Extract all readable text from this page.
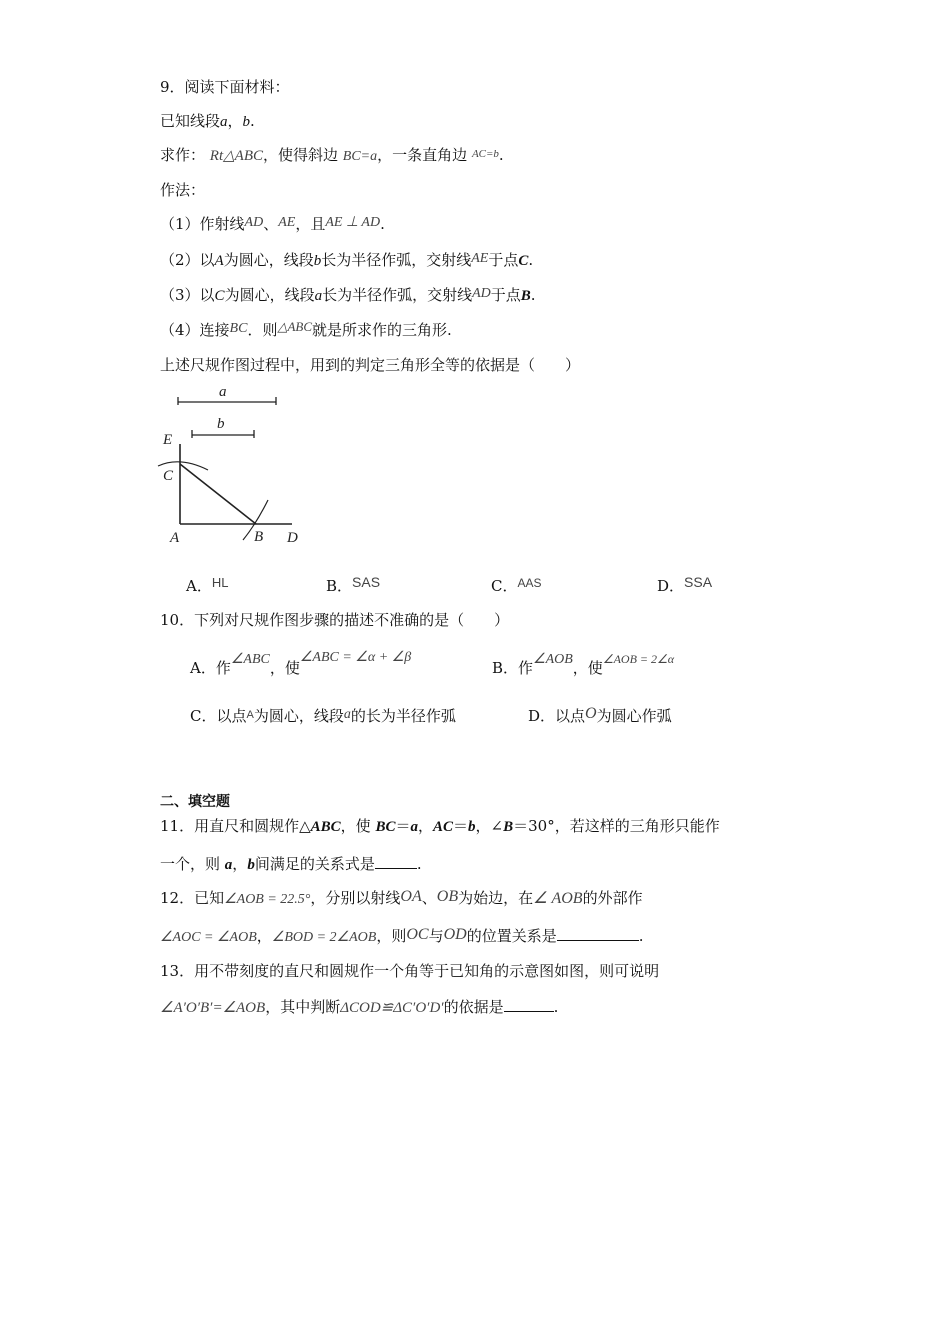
9．阅读下面材料：
已知线段a，b.
求作： Rt△ABC，使得斜边 BC=a，一条直角边 $^{AC=b}$.
作法：
（1）作射线AD、AE，且AE ⊥ AD.
（2）以A为圆心，线段b长为半径作弧，交射线AE于点C.
（3）以C为圆心，线段a长为半径作弧，交射线AD于点B.
（4）连接BC．则△ABC就是所求作的三角形.
上述尺规作图过程中，用到的判定三角形全等的依据是（　　）
a
b
E
C
A	B D
A．HL	B．SAS	C．$^{AAS}$	D．SSA
10．下列对尺规作图步骤的描述不准确的是（　　）
A．作∠ABC，使∠ABC = ∠α + ∠β
B．作∠AOB，使$^{\angle AOB = 2\angle\alpha}$
C．以点$^A$为圆心，线段a的长为半径作弧	D．以点O为圆心作弧
二、填空题
11．用直尺和圆规作△ABC，使 BC＝a，AC＝b，∠B＝30°，若这样的三角形只能作
一个，则 a，b间满足的关系式是	.
12．已知∠AOB = 22.5°，分别以射线OA、OB为始边，在∠ AOB的外部作
∠AOC = ∠AOB，∠BOD = 2∠AOB，则OC与OD的位置关系是	.
13．用不带刻度的直尺和圆规作一个角等于已知角的示意图如图，则可说明
∠A′O′B′=∠AOB，其中判断ΔCOD≌ΔC′O′D′的依据是	.
